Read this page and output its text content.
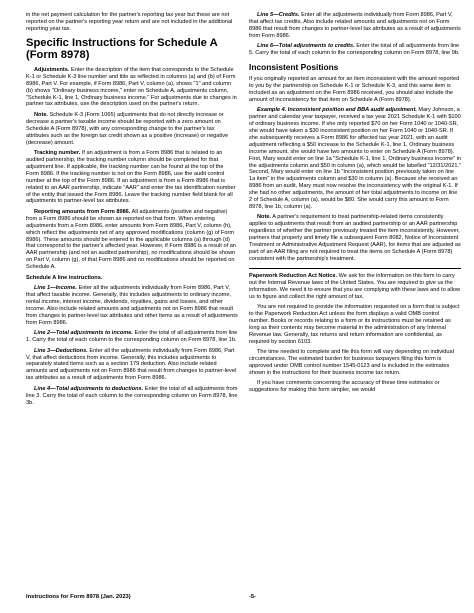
in the net payment calculation for the partner's reporting tax year but these are not reported on the partner's reporting year return and are not included in the additional reporting year tax.

Specific Instructions for Schedule A (Form 8978)

Adjustments. Enter the description of the item that corresponds to the Schedule K-1 or Schedule K-3 line number and title as reflected in columns (a) and (b) of Form 8986, Part V. For example, if Form 8986, Part V, column (a), shows "1" and column (b) shows "Ordinary business income," enter on Schedule A, adjustments column, "Schedule K-1, line 1, Ordinary business income." For adjustments due to changes in partner tax attributes, use the description used on the partner's return.

Note. Schedule K-3 (Form 1065) adjustments that do not directly increase or decrease a partner's taxable income should be reported with a zero amount on Schedule A (Form 8978), with any corresponding change to the partner's tax attributes such as the foreign tax credit shown as a positive (increase) or negative (decrease) amount.

Tracking number. If an adjustment is from a Form 8986 that is related to an audited partnership, the tracking number column should be completed for that adjustment line. If applicable, the tracking number can be found at the top of the Form 8986. If the tracking number is not on the Form 8986, use the audit control number at the top of the Form 8986. If an adjustment is from a Form 8986 that is related to an AAR partnership, indicate "AAR" and enter the tax identification number of the entity that issued the Form 8986. Leave the tracking number field blank for all adjustments to partner-level tax attributes.

Reporting amounts from Form 8986. All adjustments (positive and negative) from a Form 8986 should be shown as reported on that form. When entering adjustments from a Form 8986, enter amounts from Form 8986, Part V, column (h), which reflect the adjustments net of any approved modifications (column (g) of Form 8986). These amounts should be entered in the applicable columns (a) through (d) that correspond to the partner's affected year. However, if Form 8986 is a result of an AAR partnership (and not an audited partnership), no modifications should be shown on Part V, column (g), of that Form 8986 and no modifications should be reported on Schedule A.

Schedule A line instructions.

Line 1—Income. Enter all the adjustments individually from Form 8986, Part V, that affect taxable income. Generally, this includes adjustments to ordinary income, rental income, interest income, dividends, royalties, gains and losses, and other income. Also include related amounts and adjustments not on Form 8986 that result from changes to partner-level tax attributes and other items as a result of adjustments from Form 8986.

Line 2—Total adjustments to income. Enter the total of all adjustments from line 1. Carry the total of each column to the corresponding column on Form 8978, line 1b.

Line 3—Deductions. Enter all the adjustments individually from Form 8986, Part V, that affect deductions from income. Generally, this includes adjustments to separately stated items such as a section 179 deduction. Also include related amounts and adjustments not on Form 8986 that result from changes to partner-level tax attributes as a result of adjustments from Form 8986.

Line 4—Total adjustments to deductions. Enter the total of all adjustments from line 3. Carry the total of each column to the corresponding column on Form 8978, line 3b.

Line 5—Credits. Enter all the adjustments individually from Form 8986, Part V, that affect tax credits. Also include related amounts and adjustments not on Form 8986 that result from changes to partner-level tax attributes as a result of adjustments from Form 8986.

Line 6—Total adjustments to credits. Enter the total of all adjustments from line 5. Carry the total of each column to the corresponding column on Form 8978, line 9b.

Inconsistent Positions

If you originally reported an amount for an item inconsistent with the amount reported to you by the partnership on Schedule K-1 or Schedule K-3, and this same item is included as an adjustment on the Form 8986 received, you should also include the amount of inconsistency for that item on Schedule A (Form 8978).

Example 4. Inconsistent position and BBA audit adjustment. Mary Johnson, a partner and calendar year taxpayer, received a tax year 2021 Schedule K-1 with $100 of ordinary business income. If she only reported $70 on her Form 1040 or 1040-SR, she would have taken a $30 inconsistent position on her Form 1040 or 1040-SR. If she subsequently receives a Form 8986 for affected tax year 2021, with an audit adjustment reflecting a $50 increase to the Schedule K-1, line 1, Ordinary business income amount, she would have two amounts to enter on Schedule A (Form 8978). First, Mary would enter on line 1a "Schedule K-1, line 1, Ordinary business income" in the adjustments column and $50 in column (a), which would be labelled "12/31/2021." Second, Mary would enter on line 1b "Inconsistent position previously taken on line 1a item" in the adjustments column and $30 in column (a). Because she received an 8986 from an audit, Mary must now resolve the inconsistency with the original K-1. If she had no other adjustments, the amount of her total adjustments to income on line 2 of Schedule A, column (a), would be $80. She would carry this amount to Form 8978, line 1b, column (a).

Note. A partner's requirement to treat partnership-related items consistently applies to adjustments that result from an audited partnership or an AAR partnership regardless of whether the partner previously treated the item inconsistently. However, partners that properly and timely file a subsequent Form 8082, Notice of Inconsistent Treatment or Administrative Adjustment Request (AAR), for items that are adjusted as part of an AAR filing are not required to treat the items on Schedule A (Form 8978) consistent with the partnership's treatment.

Paperwork Reduction Act Notice. We ask for the information on this form to carry out the Internal Revenue laws of the United States. You are required to give us the information. We need it to ensure that you are complying with these laws and to allow us to figure and collect the right amount of tax.

You are not required to provide the information requested on a form that is subject to the Paperwork Reduction Act unless the form displays a valid OMB control number. Books or records relating to a form or its instructions must be retained as long as their contents may become material in the administration of any Internal Revenue law. Generally, tax returns and return information are confidential, as required by section 6103.

The time needed to complete and file this form will vary depending on individual circumstances. The estimated burden for business taxpayers filing this form is approved under OMB control number 1545-0123 and is included in the estimates shown in the instructions for their business income tax return.

If you have comments concerning the accuracy of these time estimates or suggestions for making this form simpler, we would

Instructions for Form 8978 (Jan. 2023)	-5-
